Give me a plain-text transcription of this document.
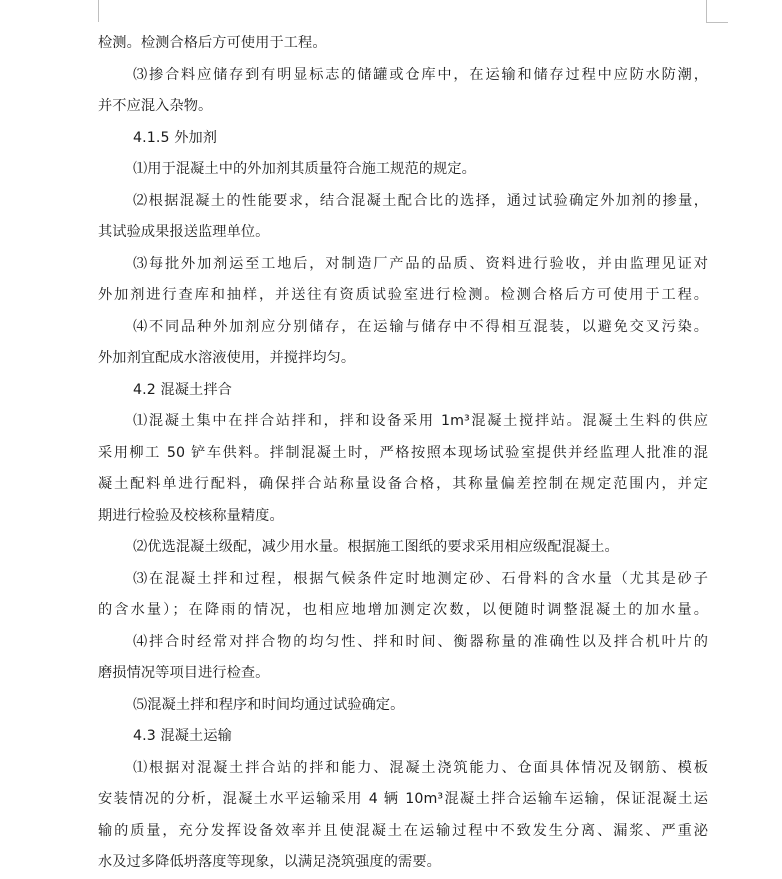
检测。检测合格后方可使用于工程。
⑶掺合料应储存到有明显标志的储罐或仓库中，在运输和储存过程中应防水防潮，
并不应混入杂物。
4.1.5 外加剂
⑴用于混凝土中的外加剂其质量符合施工规范的规定。
⑵根据混凝土的性能要求，结合混凝土配合比的选择，通过试验确定外加剂的掺量，
其试验成果报送监理单位。
⑶每批外加剂运至工地后，对制造厂产品的品质、资料进行验收，并由监理见证对
外加剂进行查库和抽样，并送往有资质试验室进行检测。检测合格后方可使用于工程。
⑷不同品种外加剂应分别储存，在运输与储存中不得相互混装，以避免交叉污染。
外加剂宜配成水溶液使用，并搅拌均匀。
4.2 混凝土拌合
⑴混凝土集中在拌合站拌和，拌和设备采用 1m³混凝土搅拌站。混凝土生料的供应
采用柳工 50 铲车供料。拌制混凝土时，严格按照本现场试验室提供并经监理人批准的混
凝土配料单进行配料，确保拌合站称量设备合格，其称量偏差控制在规定范围内，并定
期进行检验及校核称量精度。
⑵优选混凝土级配，减少用水量。根据施工图纸的要求采用相应级配混凝土。
⑶在混凝土拌和过程，根据气候条件定时地测定砂、石骨料的含水量（尤其是砂子
的含水量）；在降雨的情况，也相应地增加测定次数，以便随时调整混凝土的加水量。
⑷拌合时经常对拌合物的均匀性、拌和时间、衡器称量的准确性以及拌合机叶片的
磨损情况等项目进行检查。
⑸混凝土拌和程序和时间均通过试验确定。
4.3 混凝土运输
⑴根据对混凝土拌合站的拌和能力、混凝土浇筑能力、仓面具体情况及钢筋、模板
安装情况的分析，混凝土水平运输采用 4 辆 10m³混凝土拌合运输车运输，保证混凝土运
输的质量，充分发挥设备效率并且使混凝土在运输过程中不致发生分离、漏浆、严重泌
水及过多降低坍落度等现象，以满足浇筑强度的需要。
